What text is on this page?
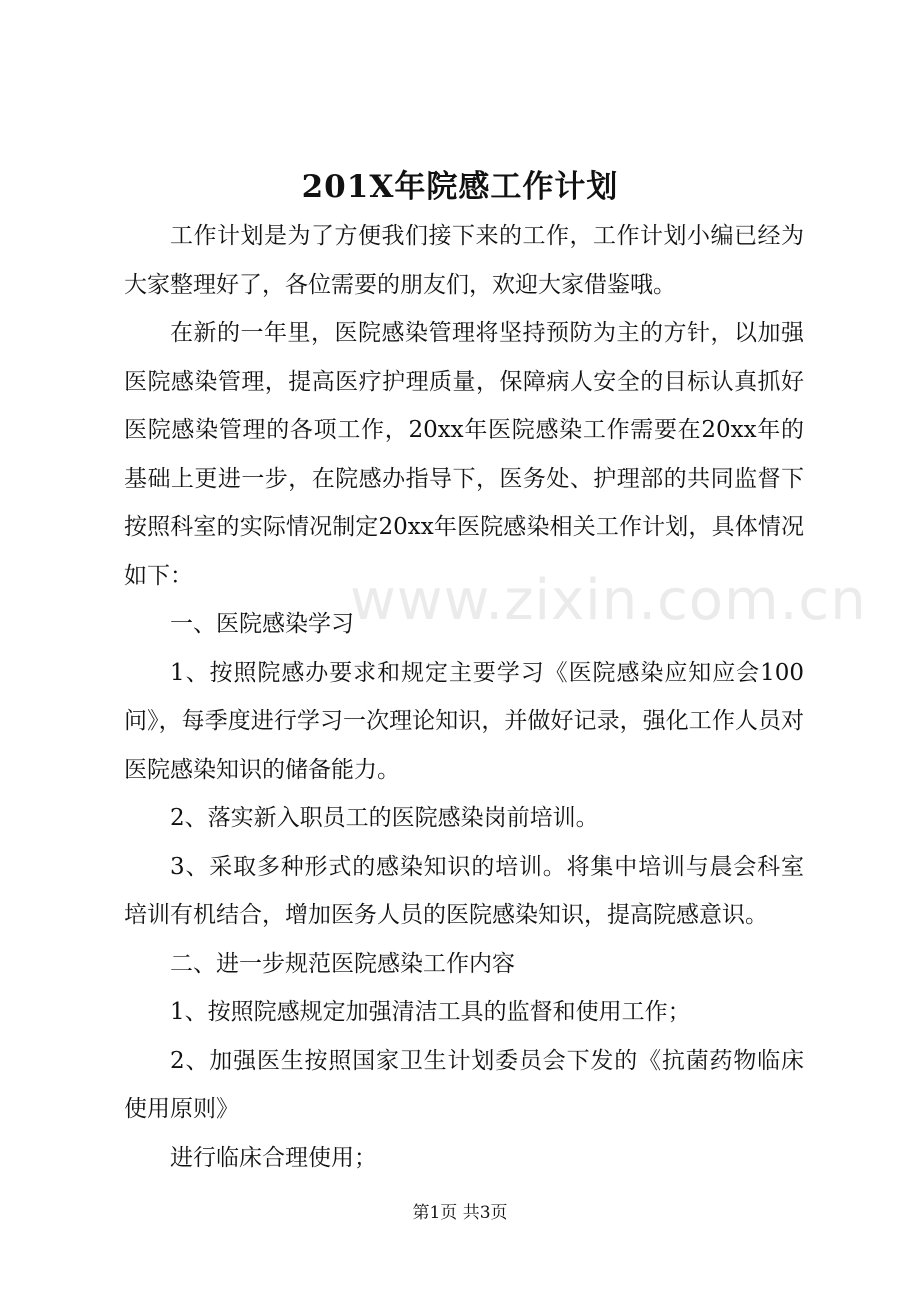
www.zixin.com.cn
201X年院感工作计划

工作计划是为了方便我们接下来的工作，工作计划小编已经为大家整理好了，各位需要的朋友们，欢迎大家借鉴哦。

在新的一年里，医院感染管理将坚持预防为主的方针，以加强医院感染管理，提高医疗护理质量，保障病人安全的目标认真抓好医院感染管理的各项工作，20xx年医院感染工作需要在20xx年的基础上更进一步，在院感办指导下，医务处、护理部的共同监督下按照科室的实际情况制定20xx年医院感染相关工作计划，具体情况如下：

一、医院感染学习

1、按照院感办要求和规定主要学习《医院感染应知应会100问》，每季度进行学习一次理论知识，并做好记录，强化工作人员对医院感染知识的储备能力。

2、落实新入职员工的医院感染岗前培训。

3、采取多种形式的感染知识的培训。将集中培训与晨会科室培训有机结合，增加医务人员的医院感染知识，提高院感意识。

二、进一步规范医院感染工作内容

1、按照院感规定加强清洁工具的监督和使用工作；

2、加强医生按照国家卫生计划委员会下发的《抗菌药物临床使用原则》

进行临床合理使用；

第1页 共3页
